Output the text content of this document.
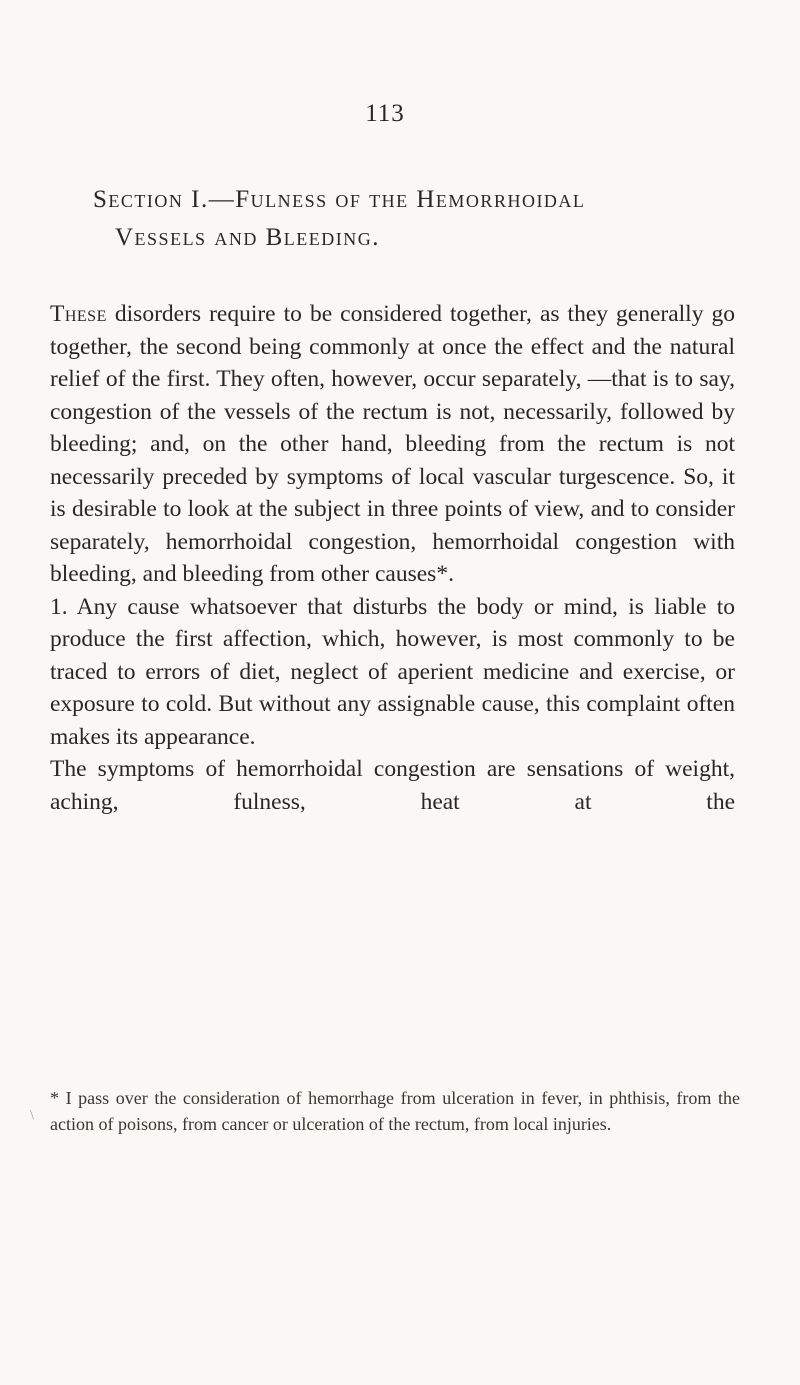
113
Section I.—Fulness of the Hemorrhoidal
Vessels and Bleeding.

These disorders require to be considered together, as they generally go together, the second being commonly at once the effect and the natural relief of the first. They often, however, occur separately, —that is to say, congestion of the vessels of the rectum is not, necessarily, followed by bleeding; and, on the other hand, bleeding from the rectum is not necessarily preceded by symptoms of local vascular turgescence. So, it is desirable to look at the subject in three points of view, and to consider separately, hemorrhoidal congestion, hemorrhoidal congestion with bleeding, and bleeding from other causes*.

1. Any cause whatsoever that disturbs the body or mind, is liable to produce the first affection, which, however, is most commonly to be traced to errors of diet, neglect of aperient medicine and exercise, or exposure to cold. But without any assignable cause, this complaint often makes its appearance.

The symptoms of hemorrhoidal congestion are sensations of weight, aching, fulness, heat at the

\

* I pass over the consideration of hemorrhage from ulceration in fever, in phthisis, from the action of poisons, from cancer or ulceration of the rectum, from local injuries.
